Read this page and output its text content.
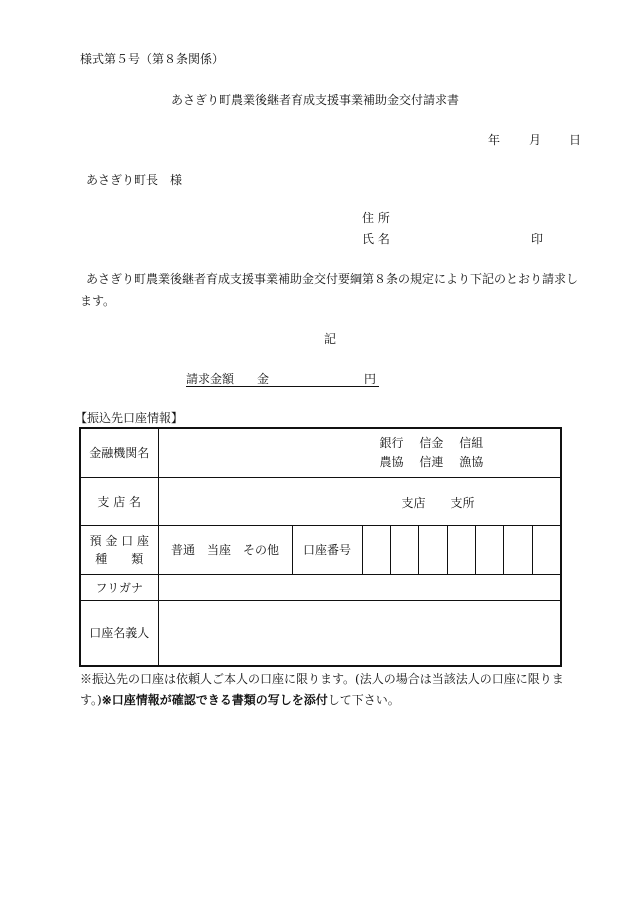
様式第５号（第８条関係）
あさぎり町農業後継者育成支援事業補助金交付請求書
年 月 日
あさぎり町長　様
住 所
氏 名	印
あさぎり町農業後継者育成支援事業補助金交付要綱第８条の規定により下記のとおり請求します。
記
請求金額 金	円
【振込先口座情報】
金融機関名	銀行  信金  信組
農協  信連  漁協		

支 店 名	支店 支所		

預 金 口 座
種　　類	普通　当座　その他	口座番号	

フリガナ			
口座名義人			
※振込先の口座は依頼人ご本人の口座に限ります。(法人の場合は当該法人の口座に限ります。)※口座情報が確認できる書類の写しを添付して下さい。
